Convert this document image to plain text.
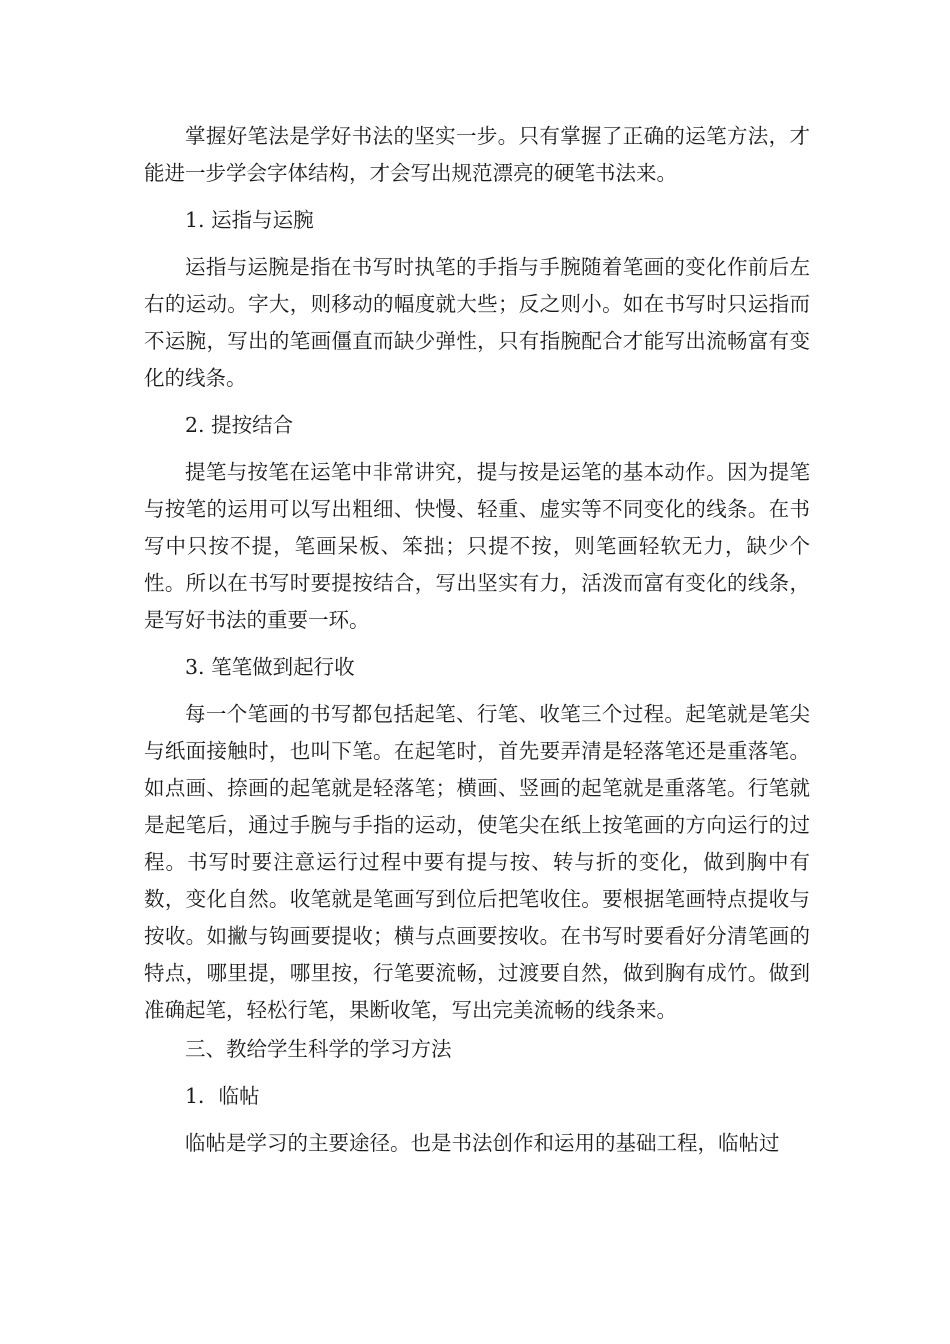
掌握好笔法是学好书法的坚实一步。只有掌握了正确的运笔方法，才能进一步学会字体结构，才会写出规范漂亮的硬笔书法来。

1. 运指与运腕

运指与运腕是指在书写时执笔的手指与手腕随着笔画的变化作前后左右的运动。字大，则移动的幅度就大些；反之则小。如在书写时只运指而不运腕，写出的笔画僵直而缺少弹性，只有指腕配合才能写出流畅富有变化的线条。

2. 提按结合

提笔与按笔在运笔中非常讲究，提与按是运笔的基本动作。因为提笔与按笔的运用可以写出粗细、快慢、轻重、虚实等不同变化的线条。在书写中只按不提，笔画呆板、笨拙；只提不按，则笔画轻软无力，缺少个性。所以在书写时要提按结合，写出坚实有力，活泼而富有变化的线条，是写好书法的重要一环。

3. 笔笔做到起行收

每一个笔画的书写都包括起笔、行笔、收笔三个过程。起笔就是笔尖与纸面接触时，也叫下笔。在起笔时，首先要弄清是轻落笔还是重落笔。如点画、捺画的起笔就是轻落笔；横画、竖画的起笔就是重落笔。行笔就是起笔后，通过手腕与手指的运动，使笔尖在纸上按笔画的方向运行的过程。书写时要注意运行过程中要有提与按、转与折的变化，做到胸中有数，变化自然。收笔就是笔画写到位后把笔收住。要根据笔画特点提收与按收。如撇与钩画要提收；横与点画要按收。在书写时要看好分清笔画的特点，哪里提，哪里按，行笔要流畅，过渡要自然，做到胸有成竹。做到准确起笔，轻松行笔，果断收笔，写出完美流畅的线条来。

三、教给学生科学的学习方法

1．临帖

临帖是学习的主要途径。也是书法创作和运用的基础工程，临帖过
